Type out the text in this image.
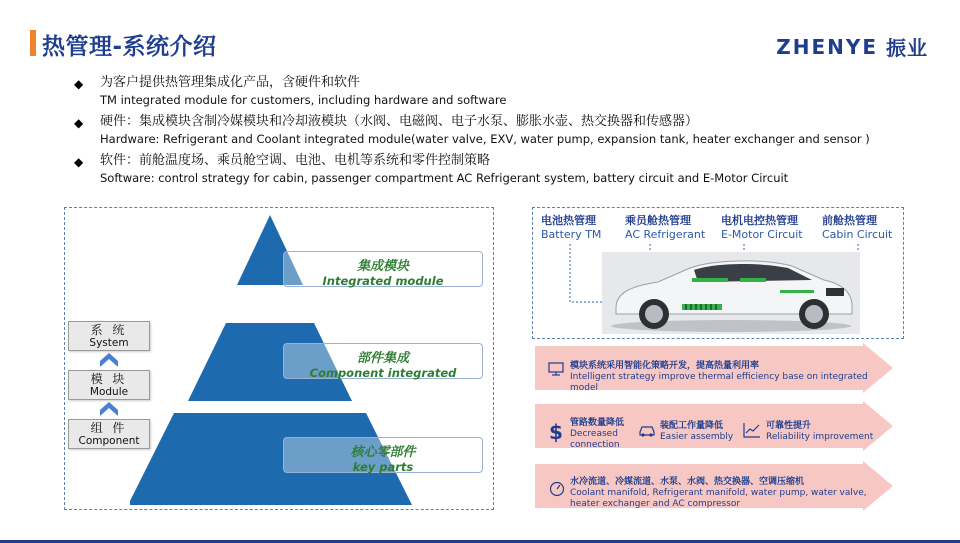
热管理-系统介绍	ZHENYE 振业
◆ 为客户提供热管理集成化产品，含硬件和软件
TM integrated module for customers, including hardware and software
◆ 硬件：集成模块含制冷媒模块和冷却液模块（水阀、电磁阀、电子水泵、膨胀水壶、热交换器和传感器）
Hardware: Refrigerant and Coolant integrated module(water valve, EXV, water pump, expansion tank, heater exchanger and sensor )
◆ 软件：前舱温度场、乘员舱空调、电池、电机等系统和零件控制策略
Software: control strategy for cabin, passenger compartment AC Refrigerant system, battery circuit and E-Motor Circuit
集成模块
Integrated module
部件集成
Component integrated
核心零部件
key parts
系 统
System
模 块
Module
组 件
Component
电池热管理
Battery TM
乘员舱热管理
AC Refrigerant
电机电控热管理
E-Motor Circuit
前舱热管理
Cabin Circuit
模块系统采用智能化策略开发，提高热量利用率
Intelligent strategy improve thermal efficiency base on integrated model
$ 管路数量降低
Decreased connection
装配工作量降低
Easier assembly
可靠性提升
Reliability improvement
水冷流道、冷媒流道、水泵、水阀、热交换器、空调压缩机
Coolant manifold, Refrigerant manifold, water pump, water valve, heater exchanger and AC compressor
